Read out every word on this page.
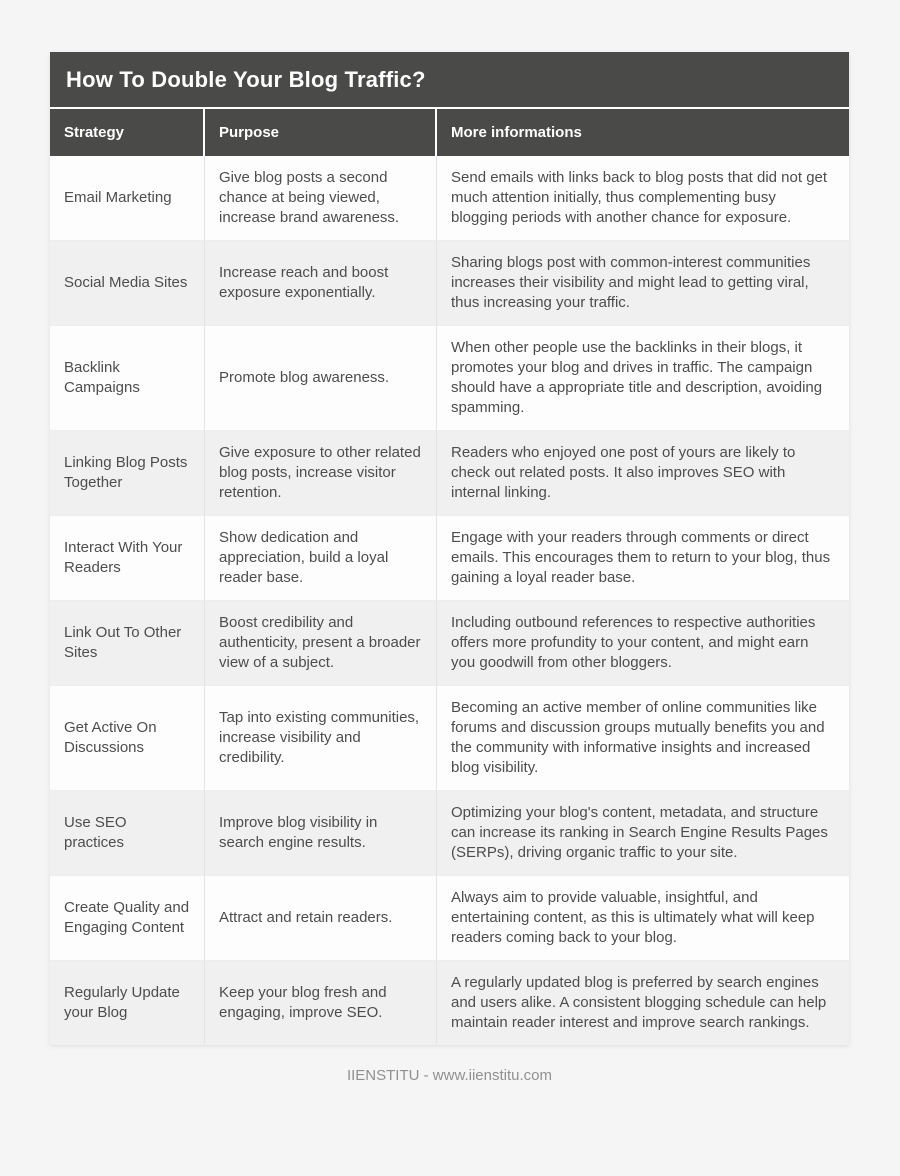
How To Double Your Blog Traffic?
Strategy	Purpose	More informations
Email Marketing	Give blog posts a second chance at being viewed, increase brand awareness.	Send emails with links back to blog posts that did not get much attention initially, thus complementing busy blogging periods with another chance for exposure.
Social Media Sites	Increase reach and boost exposure exponentially.	Sharing blogs post with common-interest communities increases their visibility and might lead to getting viral, thus increasing your traffic.
Backlink Campaigns	Promote blog awareness.	When other people use the backlinks in their blogs, it promotes your blog and drives in traffic. The campaign should have a appropriate title and description, avoiding spamming.
Linking Blog Posts Together	Give exposure to other related blog posts, increase visitor retention.	Readers who enjoyed one post of yours are likely to check out related posts. It also improves SEO with internal linking.
Interact With Your Readers	Show dedication and appreciation, build a loyal reader base.	Engage with your readers through comments or direct emails. This encourages them to return to your blog, thus gaining a loyal reader base.
Link Out To Other Sites	Boost credibility and authenticity, present a broader view of a subject.	Including outbound references to respective authorities offers more profundity to your content, and might earn you goodwill from other bloggers.
Get Active On Discussions	Tap into existing communities, increase visibility and credibility.	Becoming an active member of online communities like forums and discussion groups mutually benefits you and the community with informative insights and increased blog visibility.
Use SEO practices	Improve blog visibility in search engine results.	Optimizing your blog's content, metadata, and structure can increase its ranking in Search Engine Results Pages (SERPs), driving organic traffic to your site.
Create Quality and Engaging Content	Attract and retain readers.	Always aim to provide valuable, insightful, and entertaining content, as this is ultimately what will keep readers coming back to your blog.
Regularly Update your Blog	Keep your blog fresh and engaging, improve SEO.	A regularly updated blog is preferred by search engines and users alike. A consistent blogging schedule can help maintain reader interest and improve search rankings.
IIENSTITU - www.iienstitu.com
